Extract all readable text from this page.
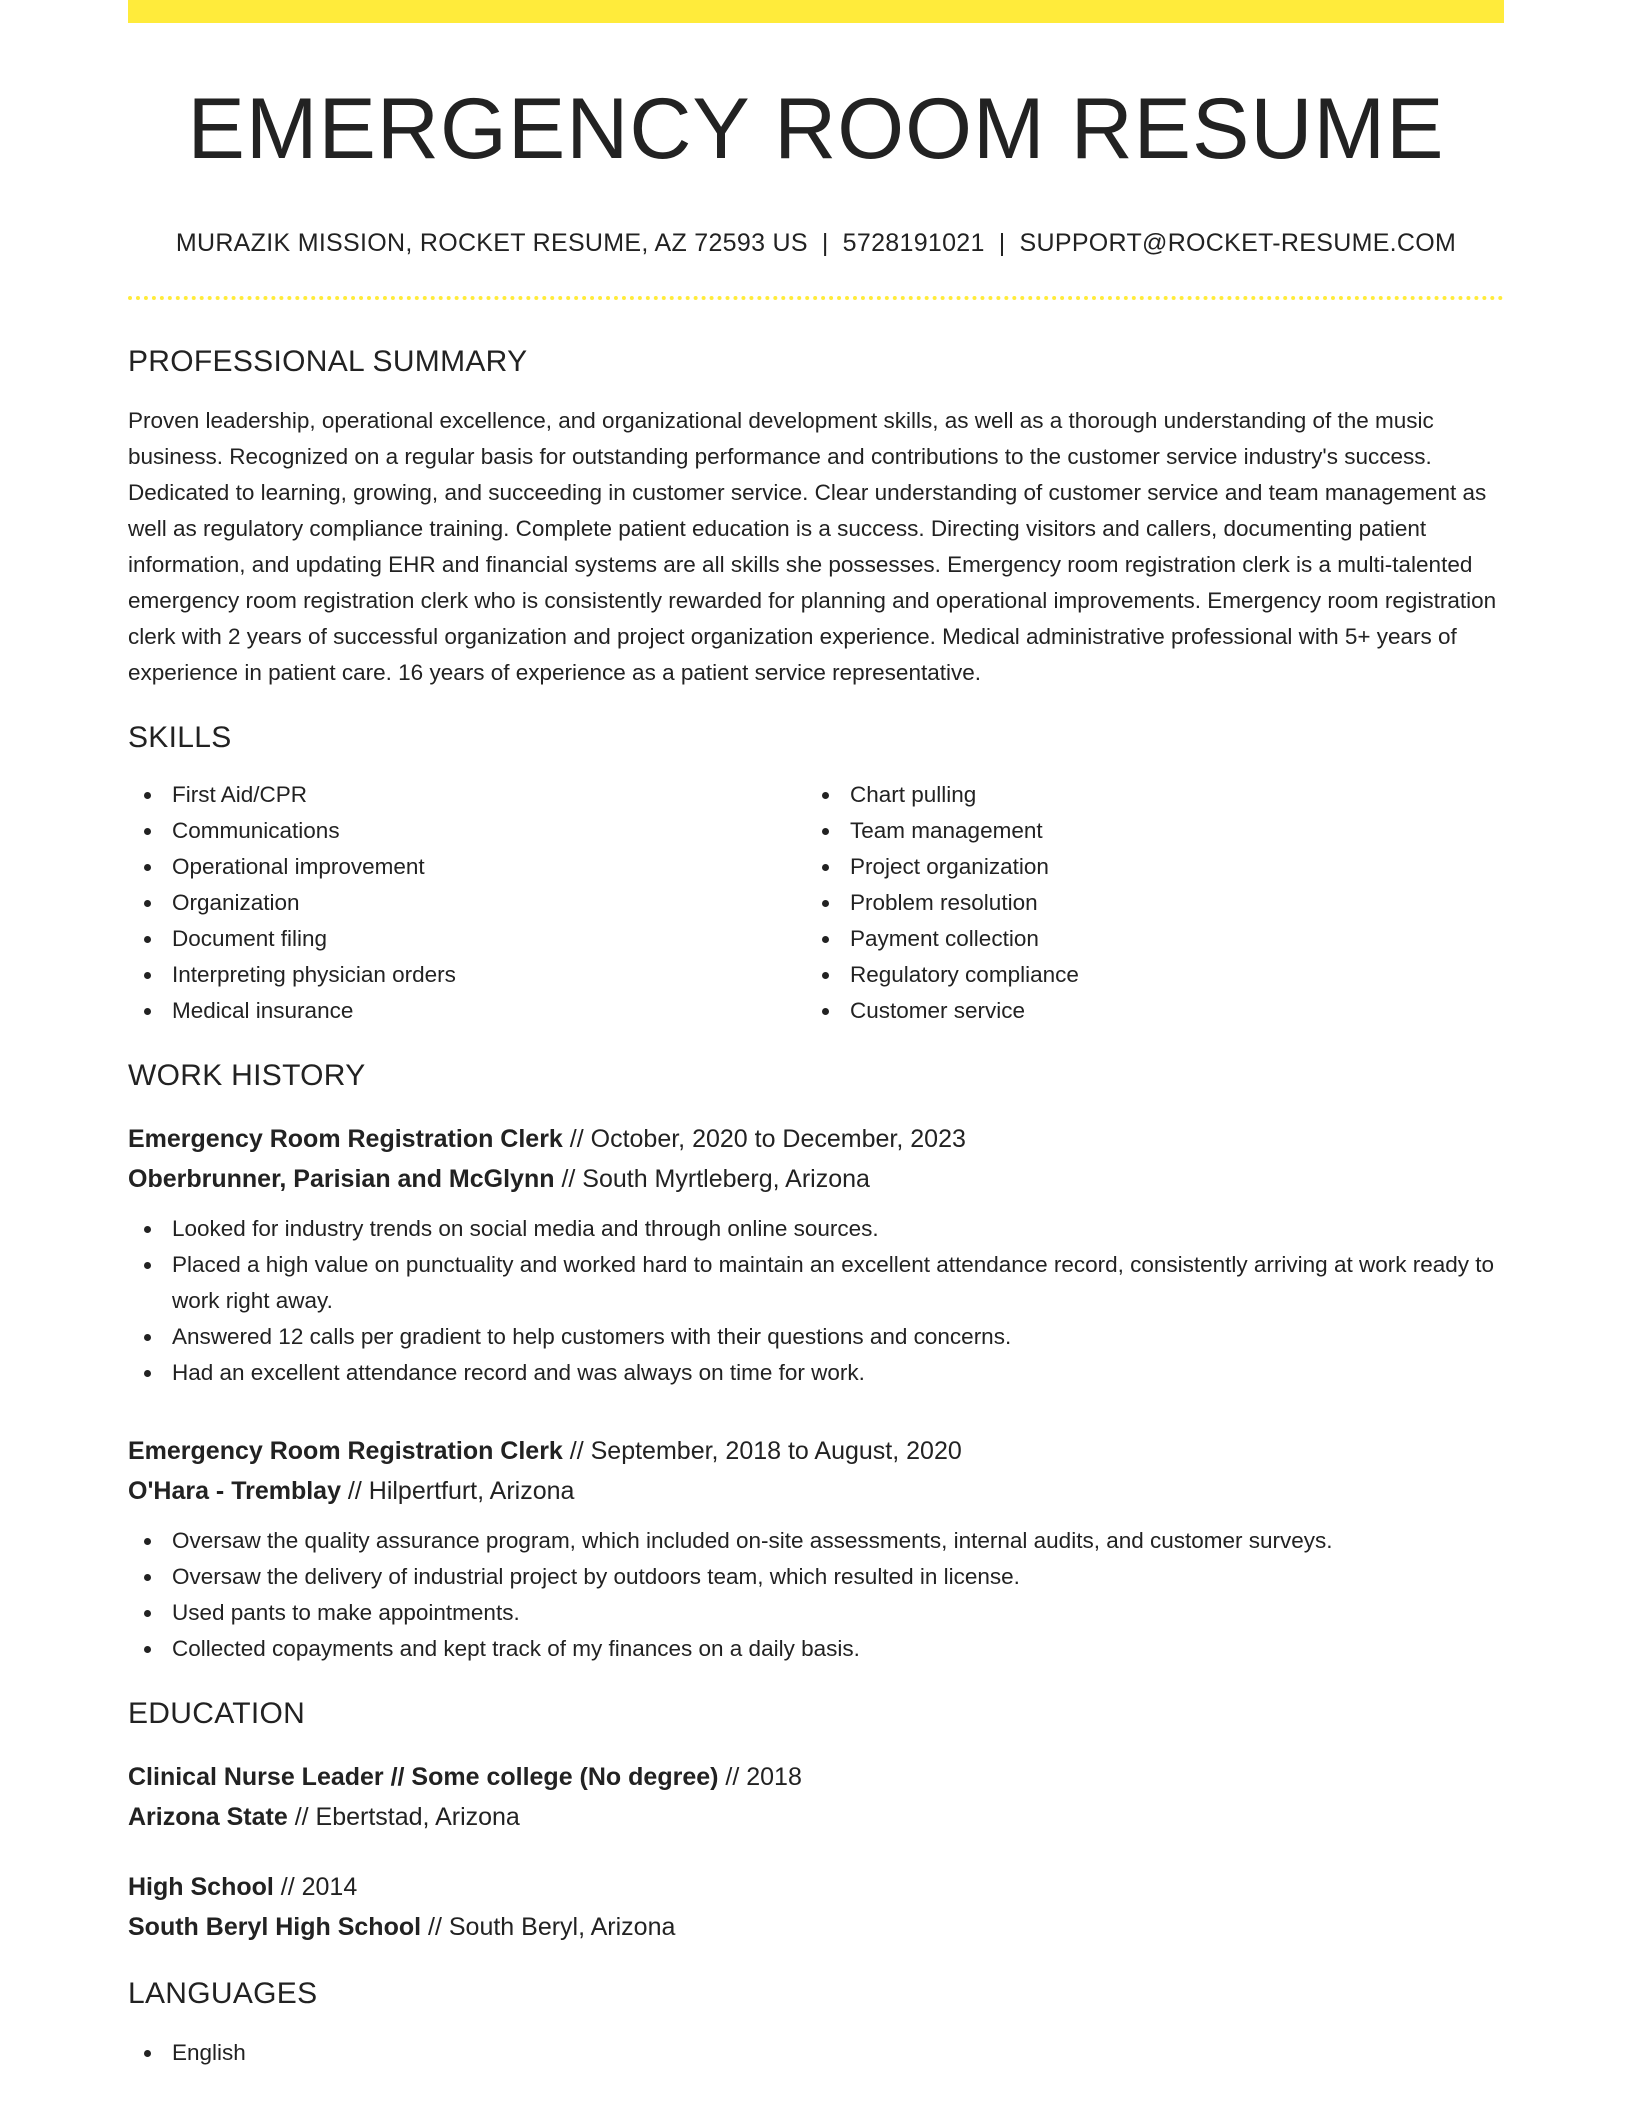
EMERGENCY ROOM RESUME
MURAZIK MISSION, ROCKET RESUME, AZ 72593 US | 5728191021 | SUPPORT@ROCKET-RESUME.COM
PROFESSIONAL SUMMARY
Proven leadership, operational excellence, and organizational development skills, as well as a thorough understanding of the music business. Recognized on a regular basis for outstanding performance and contributions to the customer service industry's success. Dedicated to learning, growing, and succeeding in customer service. Clear understanding of customer service and team management as well as regulatory compliance training. Complete patient education is a success. Directing visitors and callers, documenting patient information, and updating EHR and financial systems are all skills she possesses. Emergency room registration clerk is a multi-talented emergency room registration clerk who is consistently rewarded for planning and operational improvements. Emergency room registration clerk with 2 years of successful organization and project organization experience. Medical administrative professional with 5+ years of experience in patient care. 16 years of experience as a patient service representative.
SKILLS
First Aid/CPR
Communications
Operational improvement
Organization
Document filing
Interpreting physician orders
Medical insurance
Chart pulling
Team management
Project organization
Problem resolution
Payment collection
Regulatory compliance
Customer service
WORK HISTORY
Emergency Room Registration Clerk // October, 2020 to December, 2023
Oberbrunner, Parisian and McGlynn // South Myrtleberg, Arizona
Looked for industry trends on social media and through online sources.
Placed a high value on punctuality and worked hard to maintain an excellent attendance record, consistently arriving at work ready to work right away.
Answered 12 calls per gradient to help customers with their questions and concerns.
Had an excellent attendance record and was always on time for work.
Emergency Room Registration Clerk // September, 2018 to August, 2020
O'Hara - Tremblay // Hilpertfurt, Arizona
Oversaw the quality assurance program, which included on-site assessments, internal audits, and customer surveys.
Oversaw the delivery of industrial project by outdoors team, which resulted in license.
Used pants to make appointments.
Collected copayments and kept track of my finances on a daily basis.
EDUCATION
Clinical Nurse Leader // Some college (No degree) // 2018
Arizona State // Ebertstad, Arizona
High School // 2014
South Beryl High School // South Beryl, Arizona
LANGUAGES
English
